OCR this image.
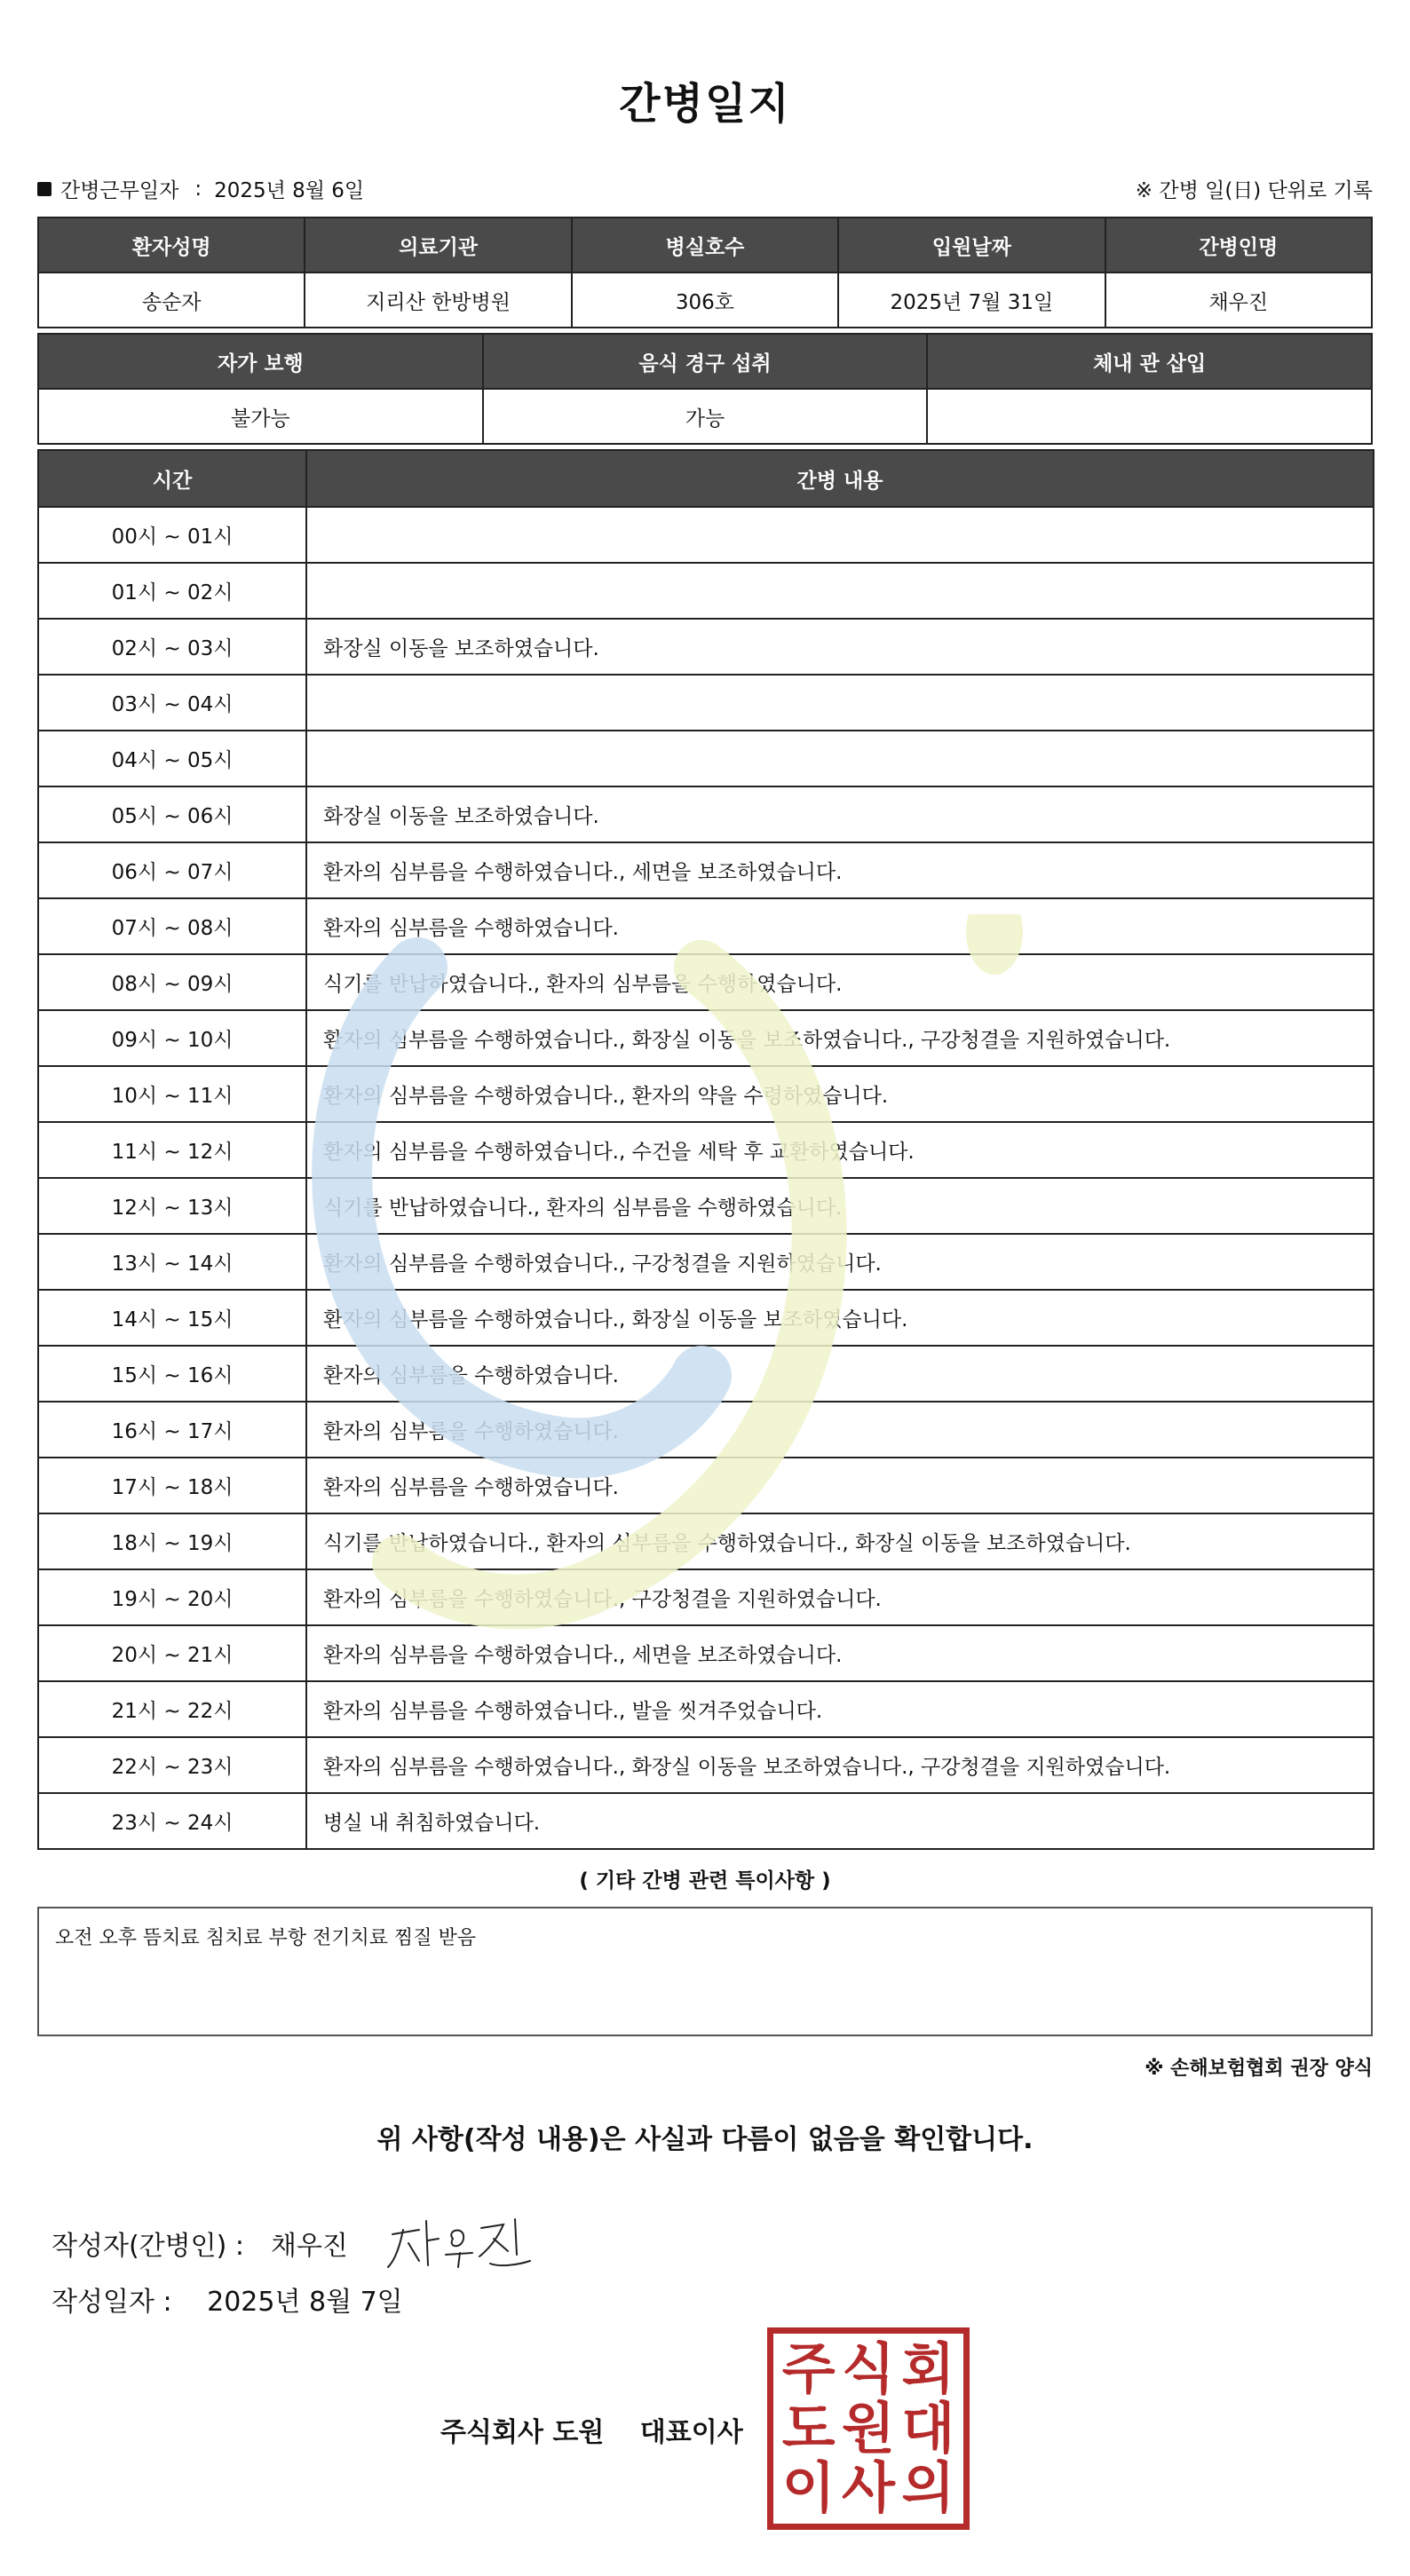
간병일지
간병근무일자 : 2025년 8월 6일	※ 간병 일(日) 단위로 기록
환자성명	의료기관	병실호수	입원날짜	간병인명
송순자	지리산 한방병원	306호	2025년 7월 31일	채우진
자가 보행	음식 경구 섭취	체내 관 삽입
불가능	가능	
시간	간병 내용
00시 ~ 01시	
01시 ~ 02시	
02시 ~ 03시	화장실 이동을 보조하였습니다.
03시 ~ 04시	
04시 ~ 05시	
05시 ~ 06시	화장실 이동을 보조하였습니다.
06시 ~ 07시	환자의 심부름을 수행하였습니다., 세면을 보조하였습니다.
07시 ~ 08시	환자의 심부름을 수행하였습니다.
08시 ~ 09시	식기를 반납하였습니다., 환자의 심부름을 수행하였습니다.
09시 ~ 10시	환자의 심부름을 수행하였습니다., 화장실 이동을 보조하였습니다., 구강청결을 지원하였습니다.
10시 ~ 11시	환자의 심부름을 수행하였습니다., 환자의 약을 수령하였습니다.
11시 ~ 12시	환자의 심부름을 수행하였습니다., 수건을 세탁 후 교환하였습니다.
12시 ~ 13시	식기를 반납하였습니다., 환자의 심부름을 수행하였습니다.
13시 ~ 14시	환자의 심부름을 수행하였습니다., 구강청결을 지원하였습니다.
14시 ~ 15시	환자의 심부름을 수행하였습니다., 화장실 이동을 보조하였습니다.
15시 ~ 16시	환자의 심부름을 수행하였습니다.
16시 ~ 17시	환자의 심부름을 수행하였습니다.
17시 ~ 18시	환자의 심부름을 수행하였습니다.
18시 ~ 19시	식기를 반납하였습니다., 환자의 심부름을 수행하였습니다., 화장실 이동을 보조하였습니다.
19시 ~ 20시	환자의 심부름을 수행하였습니다., 구강청결을 지원하였습니다.
20시 ~ 21시	환자의 심부름을 수행하였습니다., 세면을 보조하였습니다.
21시 ~ 22시	환자의 심부름을 수행하였습니다., 발을 씻겨주었습니다.
22시 ~ 23시	환자의 심부름을 수행하였습니다., 화장실 이동을 보조하였습니다., 구강청결을 지원하였습니다.
23시 ~ 24시	병실 내 취침하였습니다.
( 기타 간병 관련 특이사항 )
오전 오후 뜸치료 침치료 부항 전기치료 찜질 받음
※ 손해보험협회 권장 양식
위 사항(작성 내용)은 사실과 다름이 없음을 확인합니다.
작성자(간병인) : 채우진
작성일자 : 2025년 8월 7일
주식회사 도원 대표이사
주 식 회
도 원 대
이 사 의
